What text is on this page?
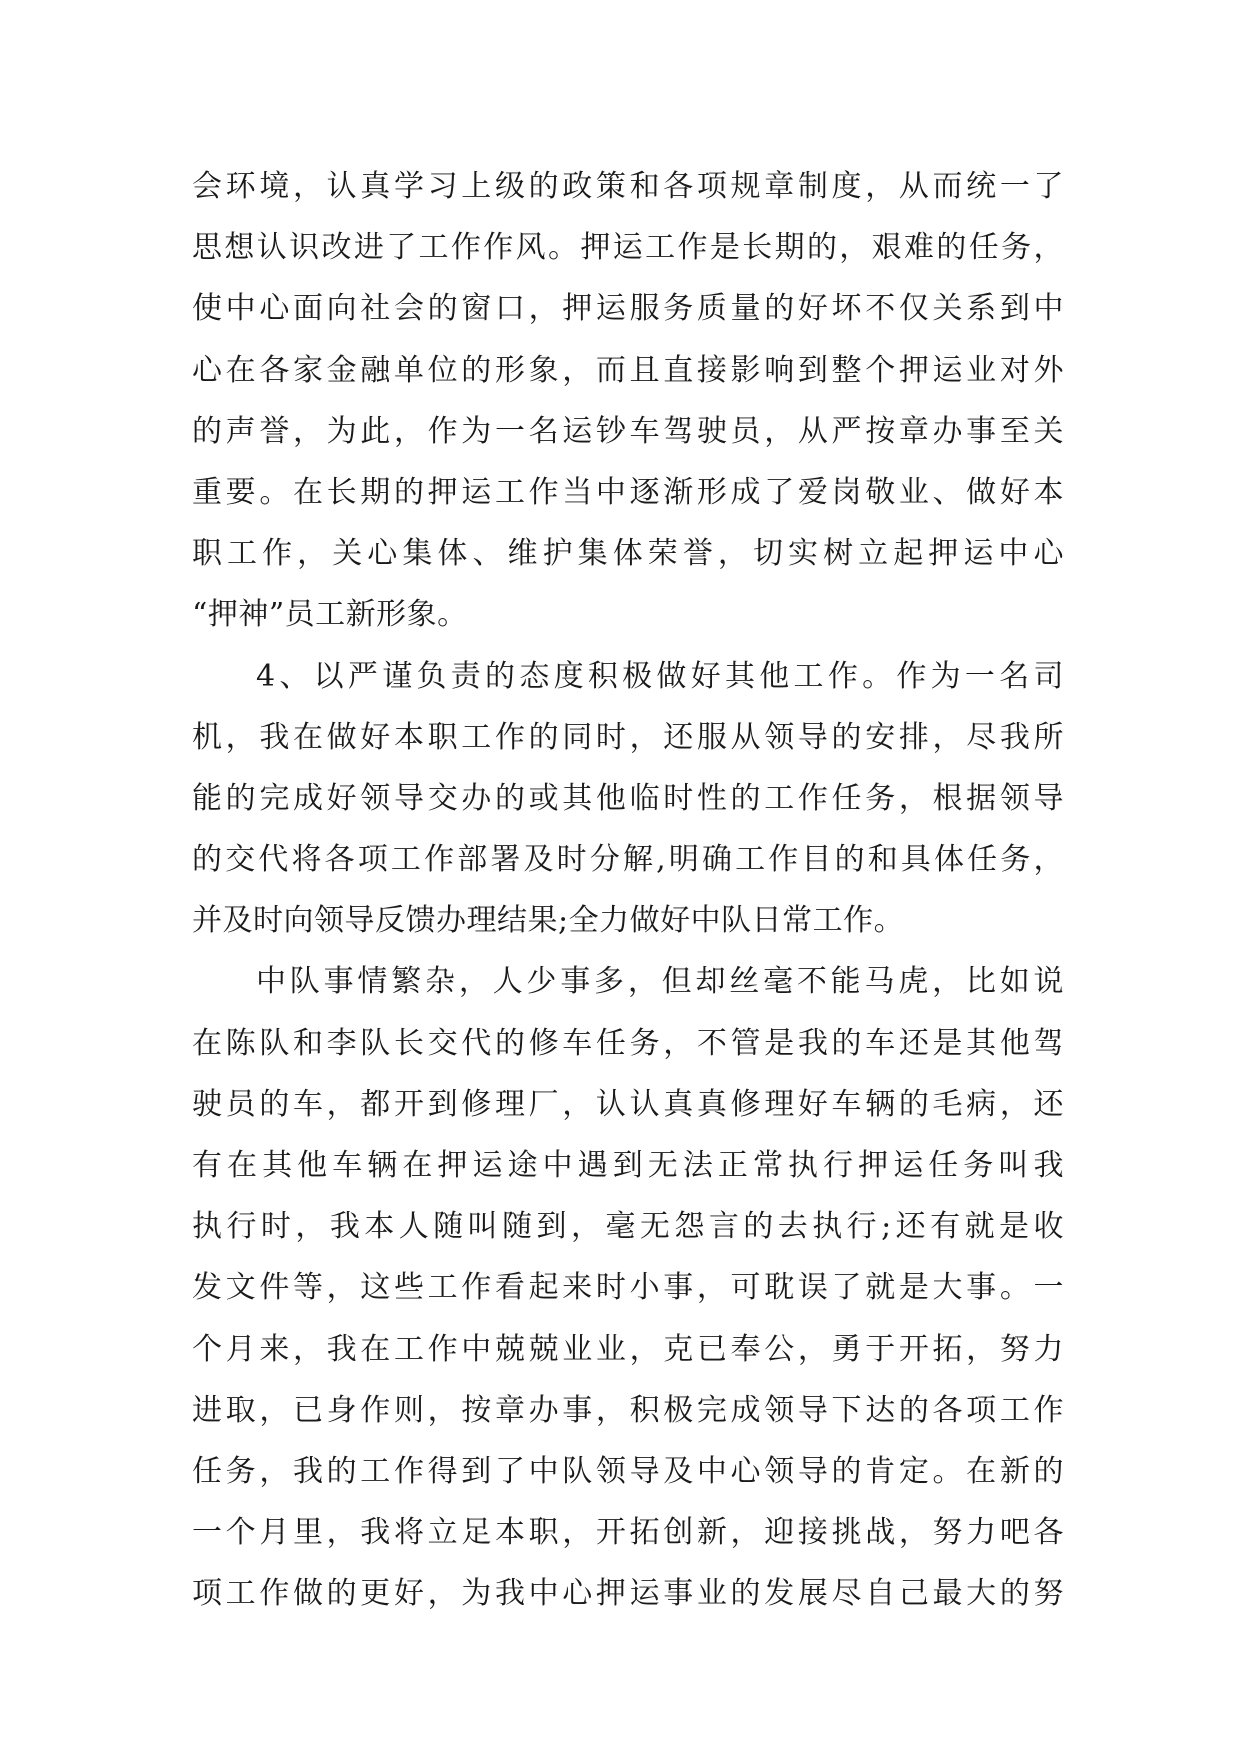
会环境，认真学习上级的政策和各项规章制度，从而统一了
思想认识改进了工作作风。押运工作是长期的，艰难的任务，
使中心面向社会的窗口，押运服务质量的好坏不仅关系到中
心在各家金融单位的形象，而且直接影响到整个押运业对外
的声誉，为此，作为一名运钞车驾驶员，从严按章办事至关
重要。在长期的押运工作当中逐渐形成了爱岗敬业、做好本
职工作，关心集体、维护集体荣誉，切实树立起押运中心
“押神”员工新形象。
4、以严谨负责的态度积极做好其他工作。作为一名司
机，我在做好本职工作的同时，还服从领导的安排，尽我所
能的完成好领导交办的或其他临时性的工作任务，根据领导
的交代将各项工作部署及时分解,明确工作目的和具体任务，
并及时向领导反馈办理结果;全力做好中队日常工作。
中队事情繁杂，人少事多，但却丝毫不能马虎，比如说
在陈队和李队长交代的修车任务，不管是我的车还是其他驾
驶员的车，都开到修理厂，认认真真修理好车辆的毛病，还
有在其他车辆在押运途中遇到无法正常执行押运任务叫我
执行时，我本人随叫随到，毫无怨言的去执行;还有就是收
发文件等，这些工作看起来时小事，可耽误了就是大事。一
个月来，我在工作中兢兢业业，克已奉公，勇于开拓，努力
进取，已身作则，按章办事，积极完成领导下达的各项工作
任务，我的工作得到了中队领导及中心领导的肯定。在新的
一个月里，我将立足本职，开拓创新，迎接挑战，努力吧各
项工作做的更好，为我中心押运事业的发展尽自己最大的努
